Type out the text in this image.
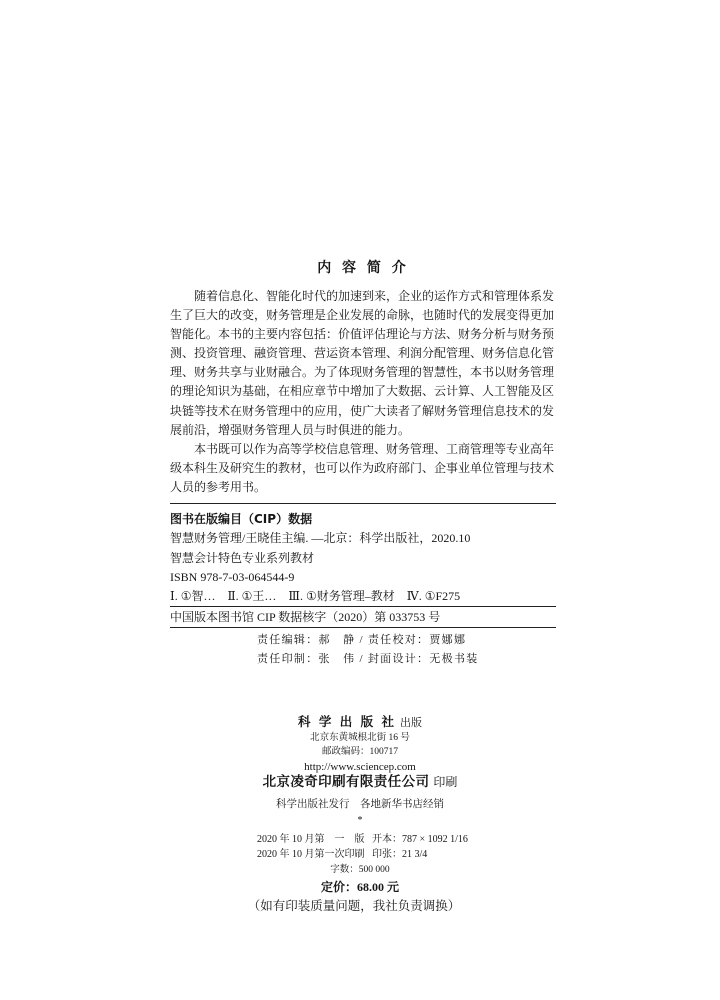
内 容 简 介
随着信息化、智能化时代的加速到来，企业的运作方式和管理体系发
生了巨大的改变，财务管理是企业发展的命脉，也随时代的发展变得更加
智能化。本书的主要内容包括：价值评估理论与方法、财务分析与财务预
测、投资管理、融资管理、营运资本管理、利润分配管理、财务信息化管
理、财务共享与业财融合。为了体现财务管理的智慧性，本书以财务管理
的理论知识为基础，在相应章节中增加了大数据、云计算、人工智能及区
块链等技术在财务管理中的应用，使广大读者了解财务管理信息技术的发
展前沿，增强财务管理人员与时俱进的能力。
本书既可以作为高等学校信息管理、财务管理、工商管理等专业高年
级本科生及研究生的教材，也可以作为政府部门、企事业单位管理与技术
人员的参考用书。
图书在版编目（CIP）数据
智慧财务管理/王晓佳主编. —北京：科学出版社，2020.10
智慧会计特色专业系列教材
ISBN 978-7-03-064544-9
Ⅰ. ①智…　Ⅱ. ①王…　Ⅲ. ①财务管理–教材　Ⅳ. ①F275
中国版本图书馆 CIP 数据核字（2020）第 033753 号
责任编辑：郝　静 / 责任校对：贾娜娜
责任印制：张　伟 / 封面设计：无极书装
科 学 出 版 社 出版
北京东黄城根北街 16 号
邮政编码：100717
http://www.sciencep.com
北京凌奇印刷有限责任公司 印刷
科学出版社发行　各地新华书店经销
*
2020 年 10 月第　一　版 开本：787 × 1092 1/16
2020 年 10 月第一次印刷 印张：21 3/4
字数：500 000
定价：68.00 元
（如有印装质量问题，我社负责调换）
